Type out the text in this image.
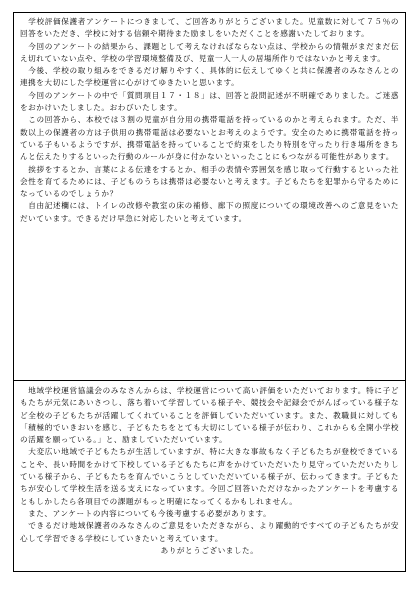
　学校評価保護者アンケートにつきまして、ご回答ありがとうございました。児童数に対して７５％の回答をいただき、学校に対する信頼や期待また励ましをいただくことを感謝いたしております。

　今回のアンケートの結果から、課題として考えなければならない点は、学校からの情報がまだまだ伝え切れていない点や、学校の学習環境整備及び、児童一人一人の居場所作りではないかと考えます。

　今後、学校の取り組みをできるだけ解りやすく、具体的に伝えしてゆくと共に保護者のみなさんとの連携を大切にした学校運営に心がけてゆきたいと思います。

　今回のアンケートの中で「質問項目１７・１８」は、回答と設問記述が不明確でありました。ご迷惑をおかけいたしました。おわびいたします。

　この回答から、本校では３割の児童が自分用の携帯電話を持っているのかと考えられます。ただ、半数以上の保護者の方は子供用の携帯電話は必要ないとお考えのようです。安全のために携帯電話を持っている子もいるようですが、携帯電話を持っていることで約束をしたり特別を守ったり行き場所をきちんと伝えたりするといった行動のルールが身に付かないといったことにもつながる可能性があります。

　挨拶をするとか、言葉による伝達をするとか、相手の表情や雰囲気を感じ取って行動するといった社会性を育てるためには、子どものうちは携帯は必要ないと考えます。子どもたちを犯罪から守るためになっているのでしょうか？

　自由記述欄には、トイレの改修や教室の床の補修、廊下の照度についての環境改善へのご意見をいただいています。できるだけ早急に対応したいと考えています。

　地域学校運営協議会のみなさんからは、学校運営について高い評価をいただいております。特に子どもたちが元気にあいさつし、落ち着いて学習している様子や、競技会や記録会でがんばっている様子など全校の子どもたちが活躍してくれていることを評価していただいています。また、教職員に対しても「積極的でいきおいを感じ、子どもたちをとても大切にしている様子が伝わり、これからも全開小学校の活躍を願っている。」と、励ましていただいています。

　大変広い地域で子どもたちが生活していますが、特に大きな事故もなく子どもたちが登校できていることや、長い時間をかけて下校している子どもたちに声をかけていただいたり見守っていただいたりしている様子から、子どもたちを育んでいこうとしていただいている様子が、伝わってきます。子どもたちが安心して学校生活を送る支えになっています。今回ご回答いただけなかったアンケートを考慮するともしかしたら各項目での課題がもっと明確になってくるかもしれません。

　また、アンケートの内容についても今後考慮する必要があります。

　できるだけ地域保護者のみなさんのご意見をいただきながら、より躍動的ですべての子どもたちが安心して学習できる学校にしていきたいと考えています。

ありがとうございました。
